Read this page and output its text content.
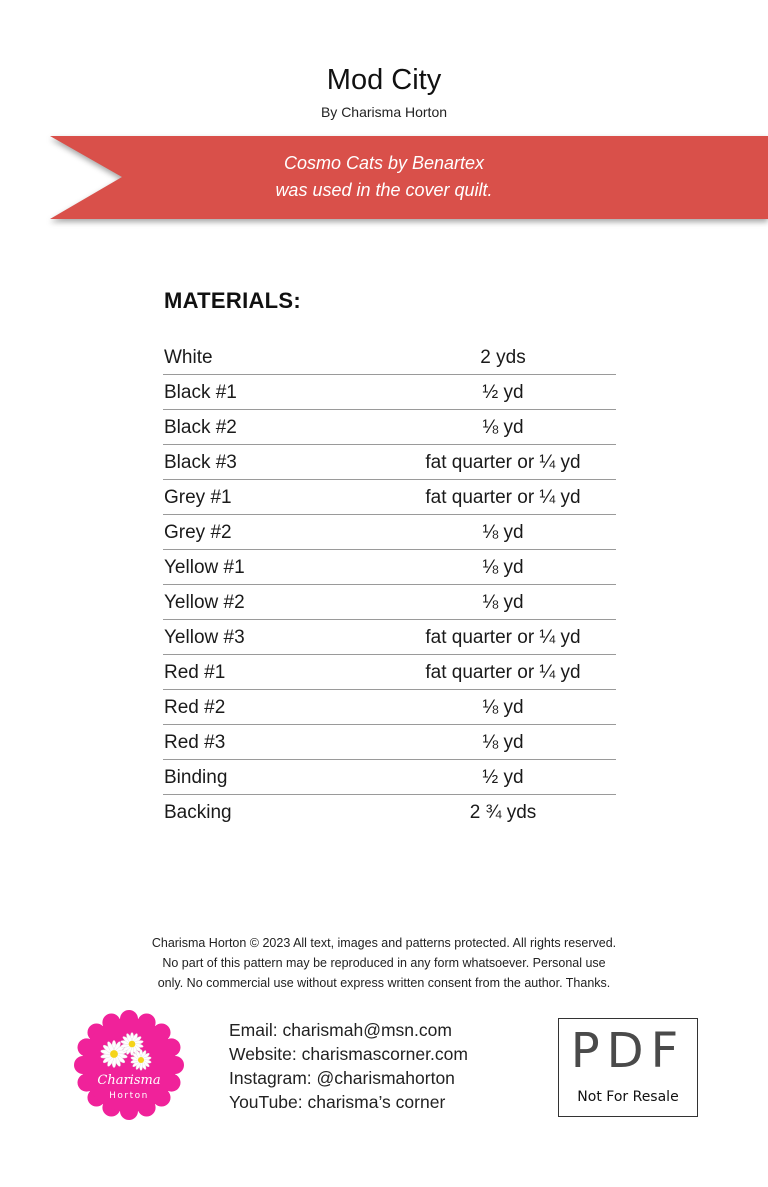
Mod City
By Charisma Horton
Cosmo Cats by Benartex
was used in the cover quilt.
MATERIALS:
White	2 yds
Black #1	½ yd
Black #2	⅛ yd
Black #3	fat quarter or ¼ yd
Grey #1	fat quarter or ¼ yd
Grey #2	⅛ yd
Yellow #1	⅛ yd
Yellow #2	⅛ yd
Yellow #3	fat quarter or ¼ yd
Red #1	fat quarter or ¼ yd
Red #2	⅛ yd
Red #3	⅛ yd
Binding	½ yd
Backing	2 ¾ yds
Charisma Horton © 2023 All text, images and patterns protected. All rights reserved.
No part of this pattern may be reproduced in any form whatsoever. Personal use
only. No commercial use without express written consent from the author. Thanks.
Charisma
Horton
Email: charismah@msn.com
Website: charismascorner.com
Instagram: @charismahorton
YouTube: charisma’s corner
PDF
Not For Resale
